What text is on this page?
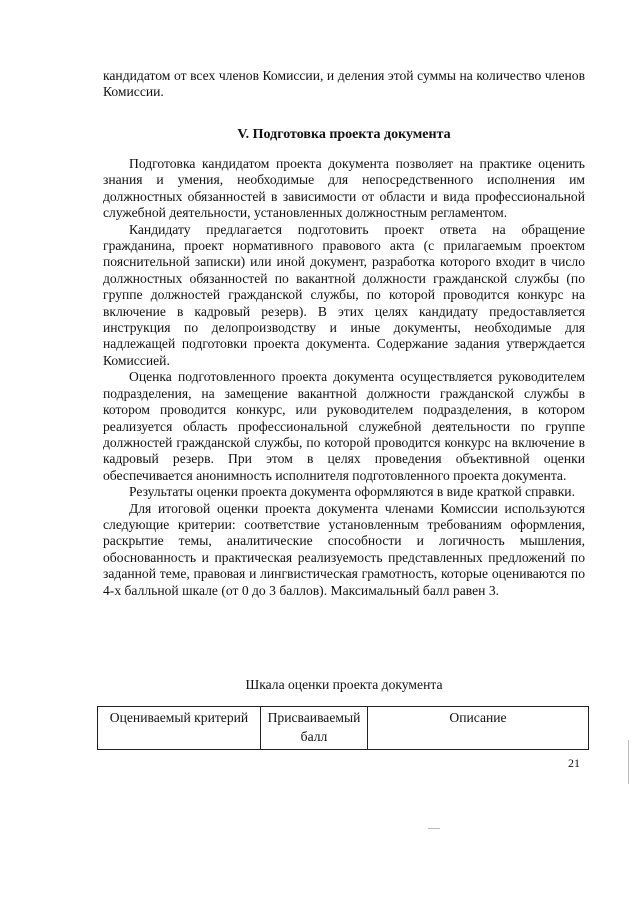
кандидатом от всех членов Комиссии, и деления этой суммы на количество членов Комиссии.

V. Подготовка проекта документа

Подготовка кандидатом проекта документа позволяет на практике оценить знания и умения, необходимые для непосредственного исполнения им должностных обязанностей в зависимости от области и вида профессиональной служебной деятельности, установленных должностным регламентом.

Кандидату предлагается подготовить проект ответа на обращение гражданина, проект нормативного правового акта (с прилагаемым проектом пояснительной записки) или иной документ, разработка которого входит в число должностных обязанностей по вакантной должности гражданской службы (по группе должностей гражданской службы, по которой проводится конкурс на включение в кадровый резерв). В этих целях кандидату предоставляется инструкция по делопроизводству и иные документы, необходимые для надлежащей подготовки проекта документа. Содержание задания утверждается Комиссией.

Оценка подготовленного проекта документа осуществляется руководителем подразделения, на замещение вакантной должности гражданской службы в котором проводится конкурс, или руководителем подразделения, в котором реализуется область профессиональной служебной деятельности по группе должностей гражданской службы, по которой проводится конкурс на включение в кадровый резерв. При этом в целях проведения объективной оценки обеспечивается анонимность исполнителя подготовленного проекта документа.

Результаты оценки проекта документа оформляются в виде краткой справки.

Для итоговой оценки проекта документа членами Комиссии используются следующие критерии: соответствие установленным требованиям оформления, раскрытие темы, аналитические способности и логичность мышления, обоснованность и практическая реализуемость представленных предложений по заданной теме, правовая и лингвистическая грамотность, которые оцениваются по 4-х балльной шкале (от 0 до 3 баллов). Максимальный балл равен 3.

Шкала оценки проекта документа
Оцениваемый критерий	Присваиваемый балл	Описание
21
